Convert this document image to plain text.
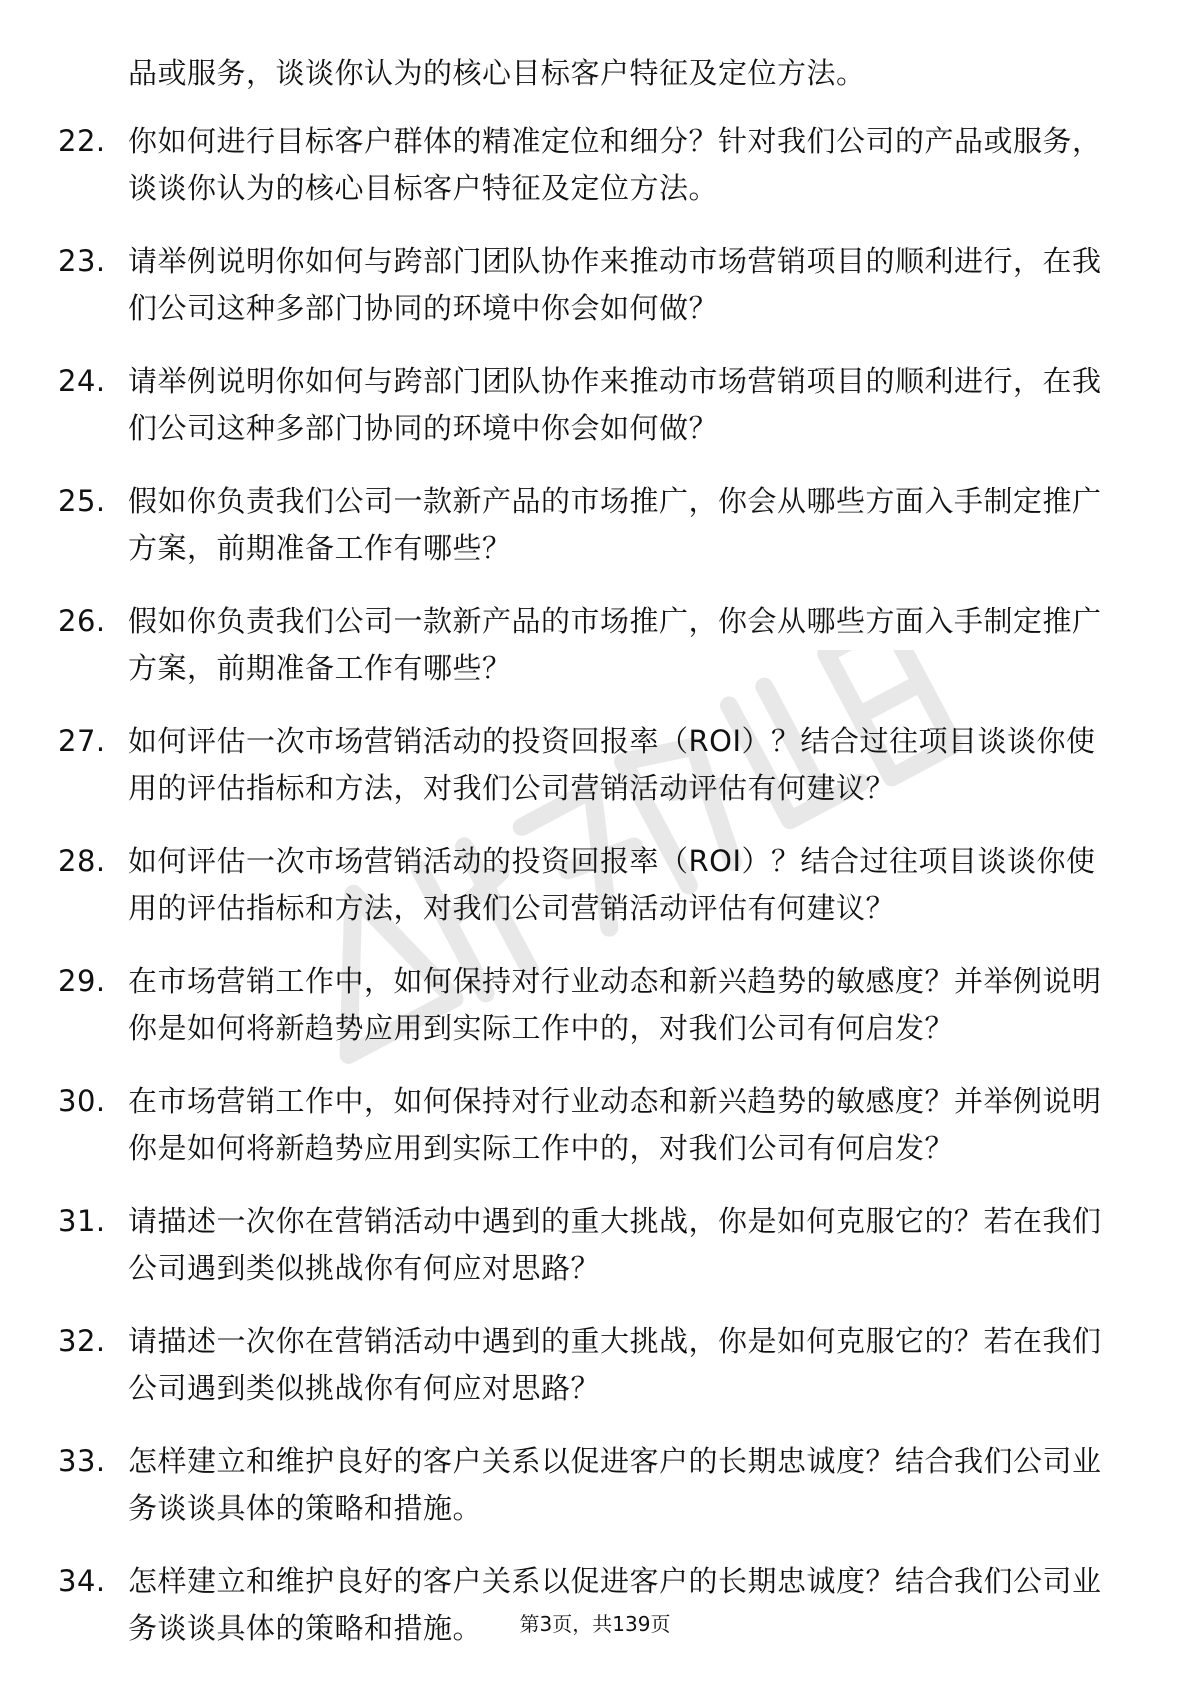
品或服务，谈谈你认为的核心目标客户特征及定位方法。
22. 你如何进行目标客户群体的精准定位和细分？针对我们公司的产品或服务，谈谈你认为的核心目标客户特征及定位方法。
23. 请举例说明你如何与跨部门团队协作来推动市场营销项目的顺利进行，在我们公司这种多部门协同的环境中你会如何做？
24. 请举例说明你如何与跨部门团队协作来推动市场营销项目的顺利进行，在我们公司这种多部门协同的环境中你会如何做？
25. 假如你负责我们公司一款新产品的市场推广，你会从哪些方面入手制定推广方案，前期准备工作有哪些？
26. 假如你负责我们公司一款新产品的市场推广，你会从哪些方面入手制定推广方案，前期准备工作有哪些？
27. 如何评估一次市场营销活动的投资回报率（ROI）？结合过往项目谈谈你使用的评估指标和方法，对我们公司营销活动评估有何建议？
28. 如何评估一次市场营销活动的投资回报率（ROI）？结合过往项目谈谈你使用的评估指标和方法，对我们公司营销活动评估有何建议？
29. 在市场营销工作中，如何保持对行业动态和新兴趋势的敏感度？并举例说明你是如何将新趋势应用到实际工作中的，对我们公司有何启发？
30. 在市场营销工作中，如何保持对行业动态和新兴趋势的敏感度？并举例说明你是如何将新趋势应用到实际工作中的，对我们公司有何启发？
31. 请描述一次你在营销活动中遇到的重大挑战，你是如何克服它的？若在我们公司遇到类似挑战你有何应对思路？
32. 请描述一次你在营销活动中遇到的重大挑战，你是如何克服它的？若在我们公司遇到类似挑战你有何应对思路？
33. 怎样建立和维护良好的客户关系以促进客户的长期忠诚度？结合我们公司业务谈谈具体的策略和措施。
34. 怎样建立和维护良好的客户关系以促进客户的长期忠诚度？结合我们公司业务谈谈具体的策略和措施。	第3页，共139页
